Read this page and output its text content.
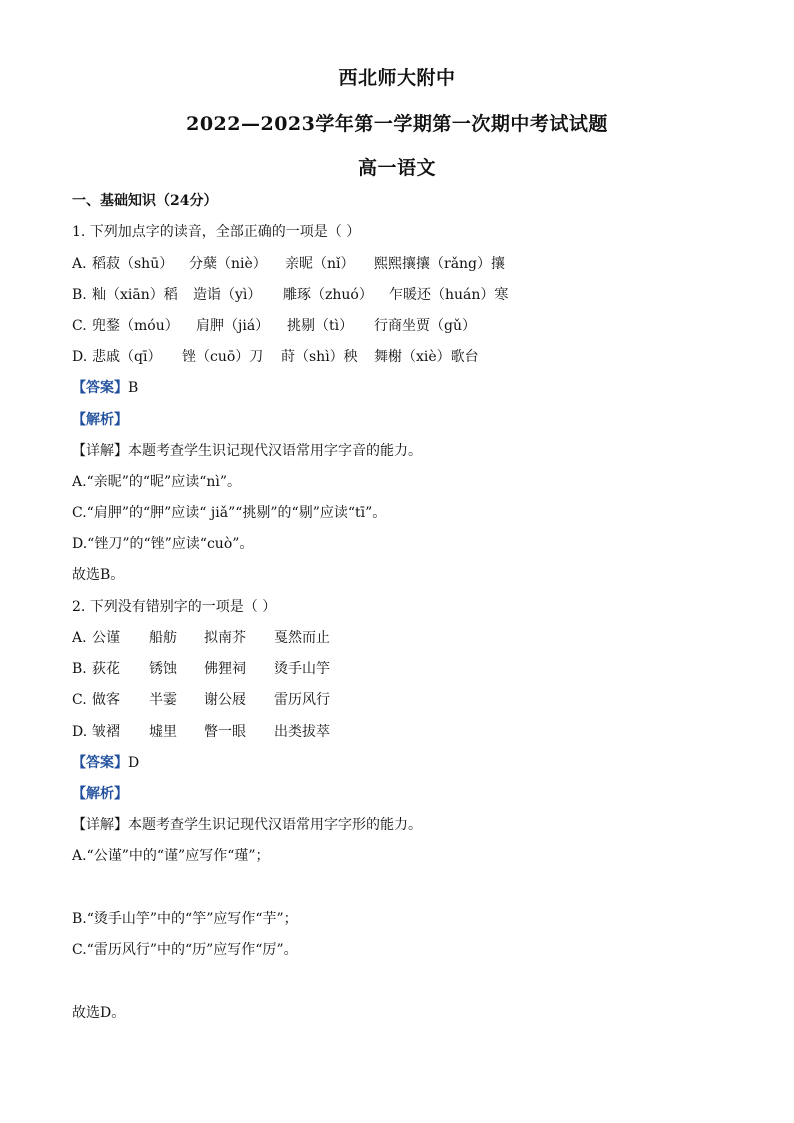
西北师大附中
2022—2023学年第一学期第一次期中考试试题
高一语文
一、基础知识（24分）
1. 下列加点字的读音，全部正确的一项是（ ）
A. 稻菽（shū） 分蘖（niè） 亲昵（nǐ） 熙熙攘攘（rǎng）攘
B. 籼（xiān）稻 造诣（yì） 雕琢（zhuó） 乍暖还（huán）寒
C. 兜鍪（móu） 肩胛（jiá） 挑剔（tì） 行商坐贾（gǔ）
D. 悲戚（qī） 锉（cuō）刀 莳（shì）秧 舞榭（xiè）歌台
【答案】B
【解析】
【详解】本题考查学生识记现代汉语常用字字音的能力。
A.“亲昵”的“昵”应读“nì”。
C.“肩胛”的“胛”应读“ jiǎ”“挑剔”的“剔”应读“tī”。
D.“锉刀”的“锉”应读“cuò”。
故选B。
2. 下列没有错别字的一项是（ ）
A. 公谨 船舫 拟南芥 戛然而止
B. 荻花 锈蚀 佛狸祠 烫手山竽
C. 做客 半霎 谢公屐 雷历风行
D. 皱褶 墟里 瞥一眼 出类拔萃
【答案】D
【解析】
【详解】本题考查学生识记现代汉语常用字字形的能力。
A.“公谨”中的“谨”应写作“瑾”；
B.“烫手山竽”中的“竽”应写作“芋”；
C.“雷历风行”中的“历”应写作“厉”。
故选D。
